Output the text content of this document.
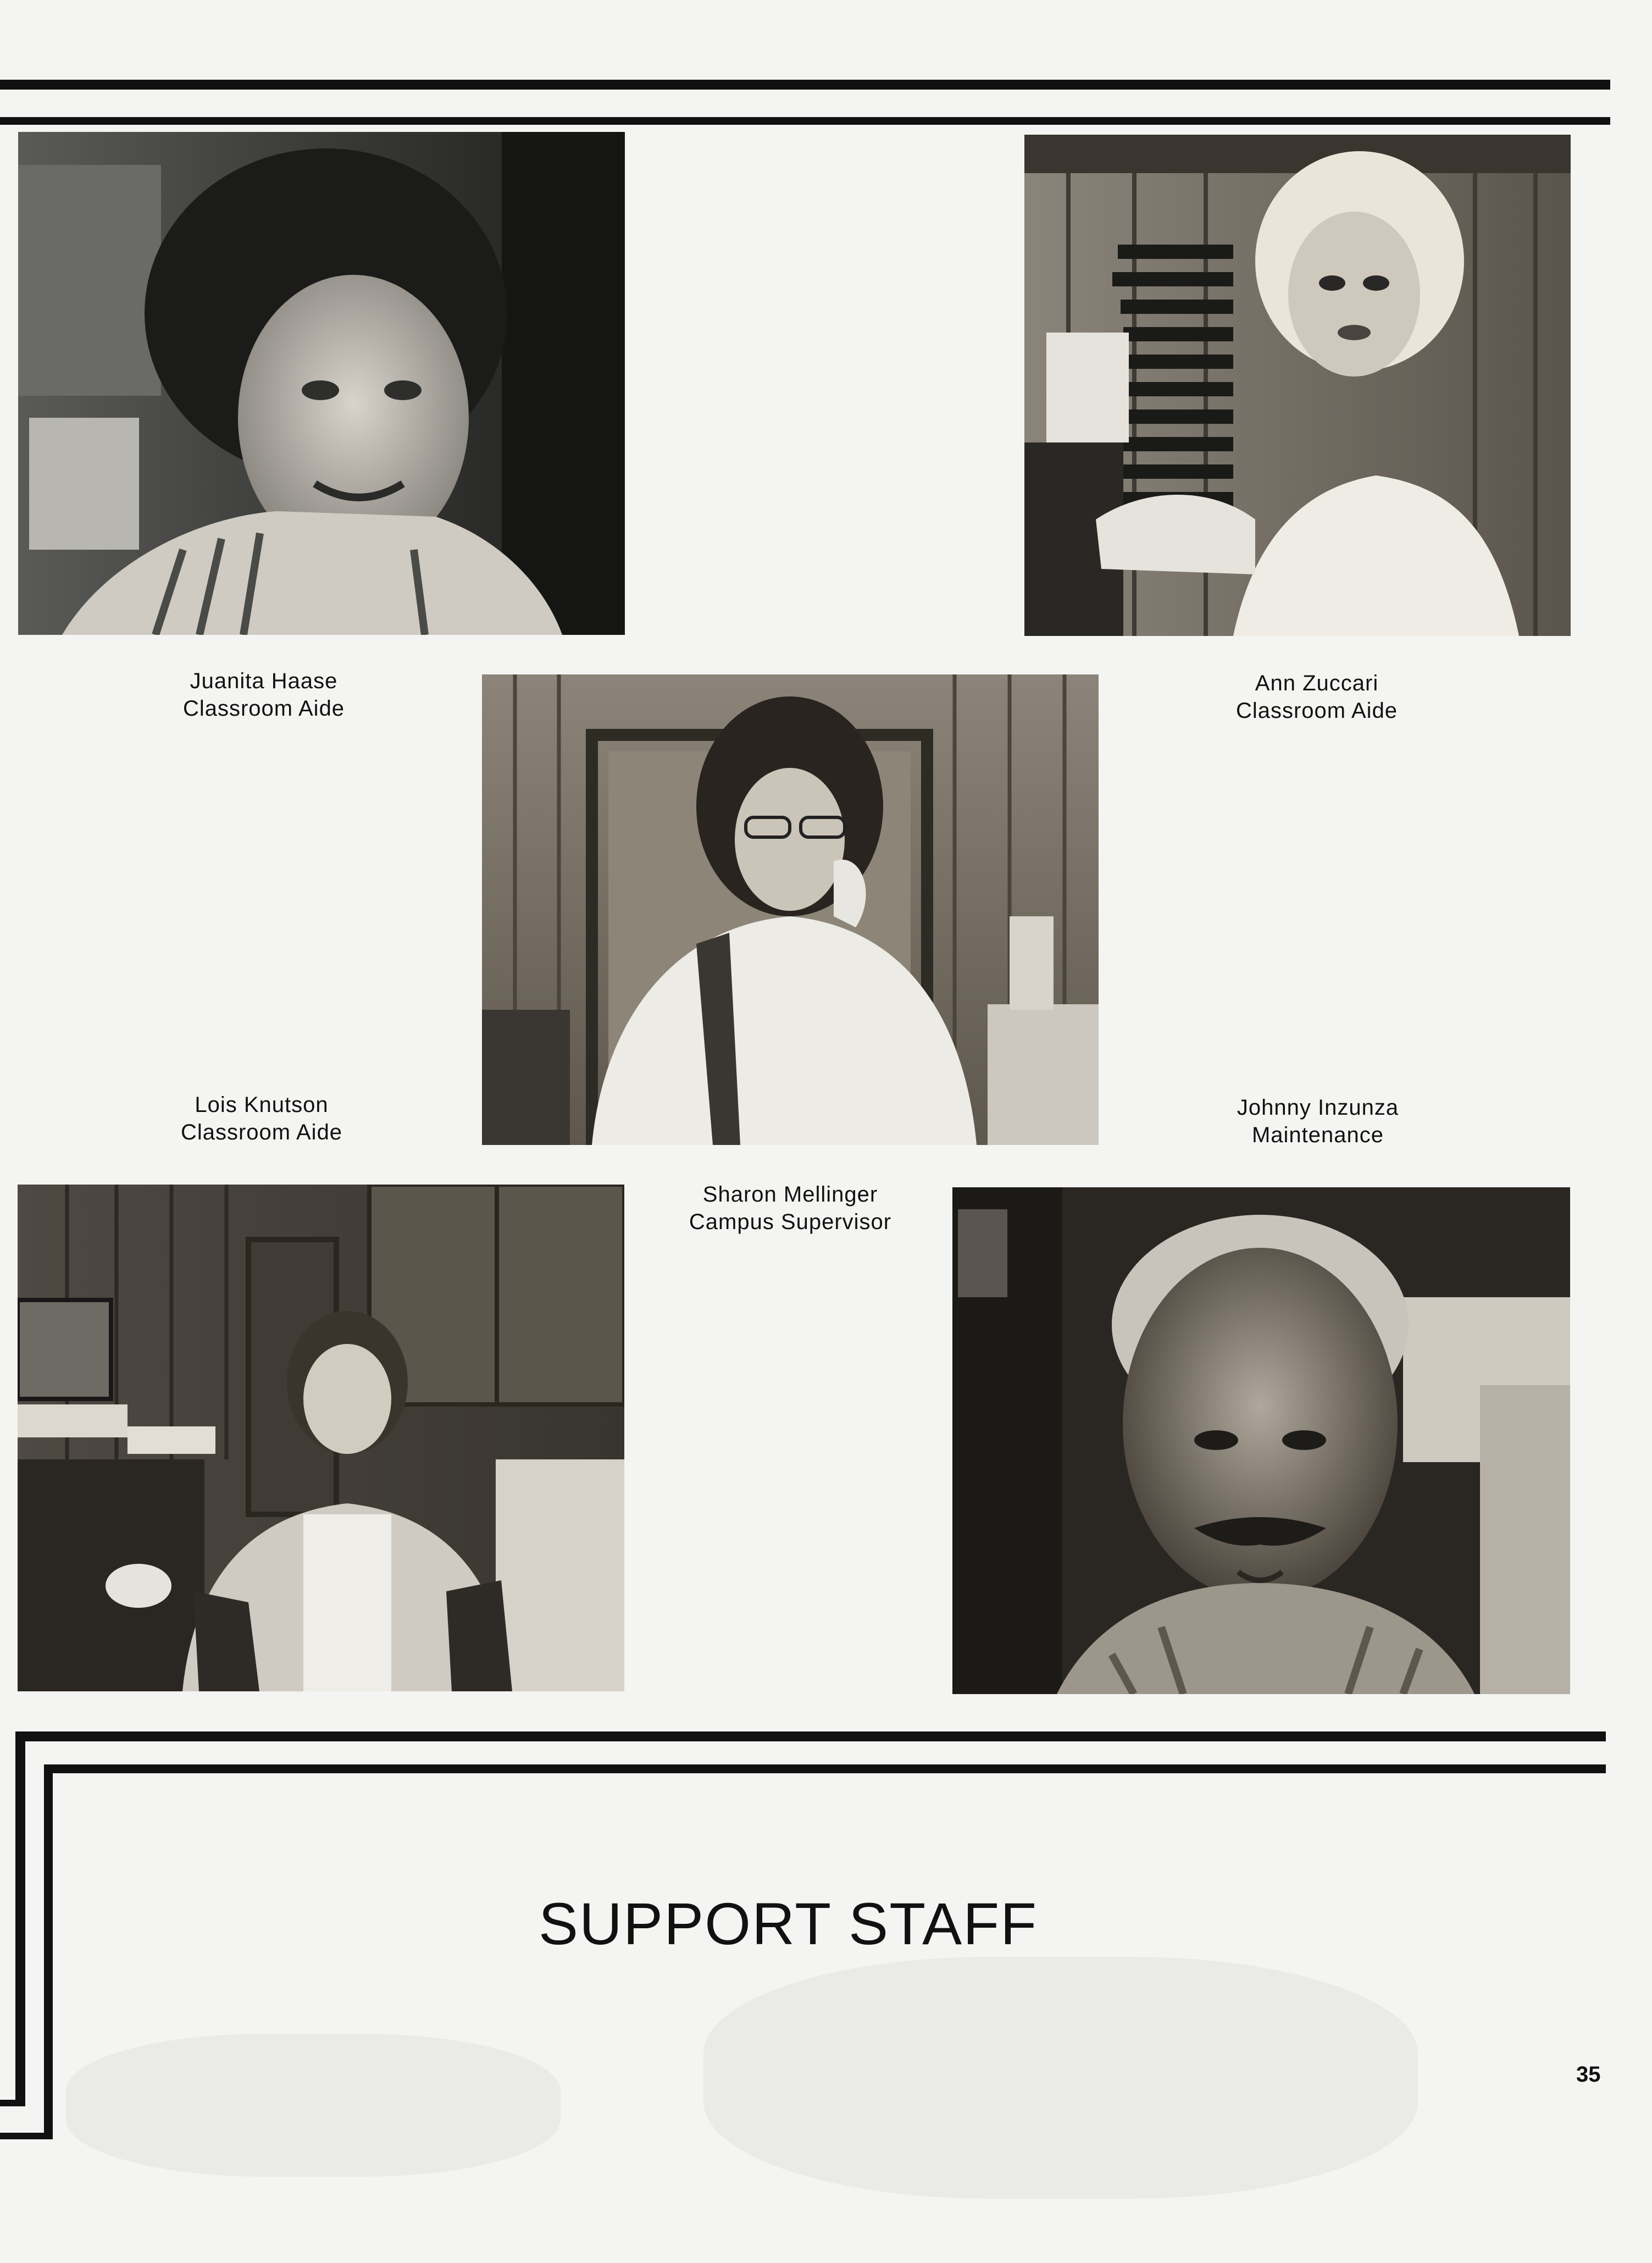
Juanita Haase
Classroom Aide
Ann Zuccari
Classroom Aide
Lois Knutson
Classroom Aide
Johnny Inzunza
Maintenance
Sharon Mellinger
Campus Supervisor
SUPPORT STAFF
35
